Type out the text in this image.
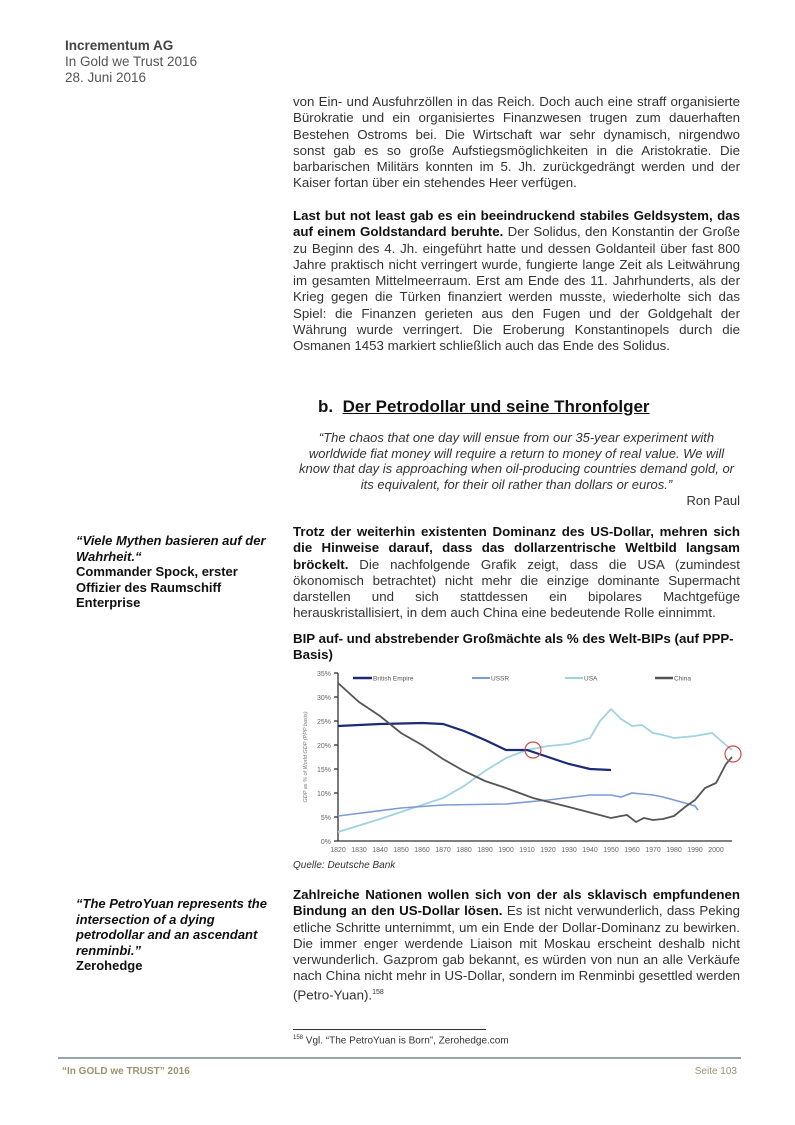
Incrementum AG
In Gold we Trust 2016
28. Juni 2016
von Ein- und Ausfuhrzöllen in das Reich. Doch auch eine straff organisierte Bürokratie und ein organisiertes Finanzwesen trugen zum dauerhaften Bestehen Ostroms bei. Die Wirtschaft war sehr dynamisch, nirgendwo sonst gab es so große Aufstiegsmöglichkeiten in die Aristokratie. Die barbarischen Militärs konnten im 5. Jh. zurückgedrängt werden und der Kaiser fortan über ein stehendes Heer verfügen.
Last but not least gab es ein beeindruckend stabiles Geldsystem, das auf einem Goldstandard beruhte. Der Solidus, den Konstantin der Große zu Beginn des 4. Jh. eingeführt hatte und dessen Goldanteil über fast 800 Jahre praktisch nicht verringert wurde, fungierte lange Zeit als Leitwährung im gesamten Mittelmeerraum. Erst am Ende des 11. Jahrhunderts, als der Krieg gegen die Türken finanziert werden musste, wiederholte sich das Spiel: die Finanzen gerieten aus den Fugen und der Goldgehalt der Währung wurde verringert. Die Eroberung Konstantinopels durch die Osmanen 1453 markiert schließlich auch das Ende des Solidus.
b. Der Petrodollar und seine Thronfolger
“The chaos that one day will ensue from our 35-year experiment with worldwide fiat money will require a return to money of real value. We will know that day is approaching when oil-producing countries demand gold, or its equivalent, for their oil rather than dollars or euros.”
Ron Paul
“Viele Mythen basieren auf der Wahrheit.“
Commander Spock, erster Offizier des Raumschiff Enterprise
Trotz der weiterhin existenten Dominanz des US-Dollar, mehren sich die Hinweise darauf, dass das dollarzentrische Weltbild langsam bröckelt. Die nachfolgende Grafik zeigt, dass die USA (zumindest ökonomisch betrachtet) nicht mehr die einzige dominante Supermacht darstellen und sich stattdessen ein bipolares Machtgefüge herauskristallisiert, in dem auch China eine bedeutende Rolle einnimmt.
BIP auf- und abstrebender Großmächte als % des Welt-BIPs (auf PPP-Basis)
0%
5%
10%
15%
20%
25%
30%
35%
GDP as % of World GDP (PPP basis)
1820 1830 1840 1850 1860 1870 1880 1890 1900 1910 1920 1930 1940 1950 1960 1970 1980 1990 2000
British Empire	USSR	USA	China
Quelle: Deutsche Bank
“The PetroYuan represents the intersection of a dying petrodollar and an ascendant renminbi.”
Zerohedge
Zahlreiche Nationen wollen sich von der als sklavisch empfundenen Bindung an den US-Dollar lösen. Es ist nicht verwunderlich, dass Peking etliche Schritte unternimmt, um ein Ende der Dollar-Dominanz zu bewirken. Die immer enger werdende Liaison mit Moskau erscheint deshalb nicht verwunderlich. Gazprom gab bekannt, es würden von nun an alle Verkäufe nach China nicht mehr in US-Dollar, sondern im Renminbi gesettled werden (Petro-Yuan).$^{158}$
$^{158}$ Vgl. “The PetroYuan is Born”, Zerohedge.com
“In GOLD we TRUST” 2016	Seite 103
